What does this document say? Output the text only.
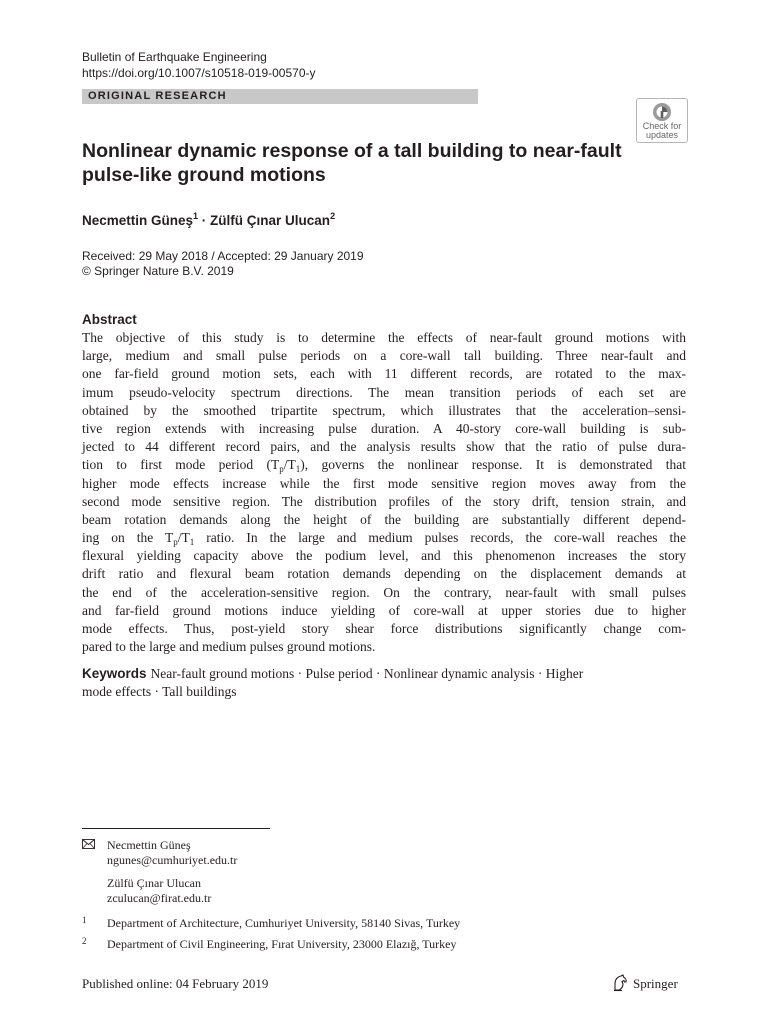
Bulletin of Earthquake Engineering
https://doi.org/10.1007/s10518-019-00570-y
ORIGINAL RESEARCH
Check for
updates
Nonlinear dynamic response of a tall building to near-fault
pulse-like ground motions
Necmettin Güneş$^1$ · Zülfü Çınar Ulucan$^2$
Received: 29 May 2018 / Accepted: 29 January 2019
© Springer Nature B.V. 2019
Abstract
The objective of this study is to determine the effects of near-fault ground motions with
large, medium and small pulse periods on a core-wall tall building. Three near-fault and
one far-field ground motion sets, each with 11 different records, are rotated to the max-
imum pseudo-velocity spectrum directions. The mean transition periods of each set are
obtained by the smoothed tripartite spectrum, which illustrates that the acceleration–sensi-
tive region extends with increasing pulse duration. A 40-story core-wall building is sub-
jected to 44 different record pairs, and the analysis results show that the ratio of pulse dura-
tion to first mode period $(T_p/T_1)$, governs the nonlinear response. It is demonstrated that
higher mode effects increase while the first mode sensitive region moves away from the
second mode sensitive region. The distribution profiles of the story drift, tension strain, and
beam rotation demands along the height of the building are substantially different depend-
ing on the $T_p/T_1$ ratio. In the large and medium pulses records, the core-wall reaches the
flexural yielding capacity above the podium level, and this phenomenon increases the story
drift ratio and flexural beam rotation demands depending on the displacement demands at
the end of the acceleration-sensitive region. On the contrary, near-fault with small pulses
and far-field ground motions induce yielding of core-wall at upper stories due to higher
mode effects. Thus, post-yield story shear force distributions significantly change com-
pared to the large and medium pulses ground motions.
Keywords Near-fault ground motions · Pulse period · Nonlinear dynamic analysis · Higher
mode effects · Tall buildings
Necmettin Güneş
ngunes@cumhuriyet.edu.tr
Zülfü Çınar Ulucan
zculucan@firat.edu.tr
1 Department of Architecture, Cumhuriyet University, 58140 Sivas, Turkey
2 Department of Civil Engineering, Fırat University, 23000 Elazığ, Turkey
Published online: 04 February 2019	Springer
